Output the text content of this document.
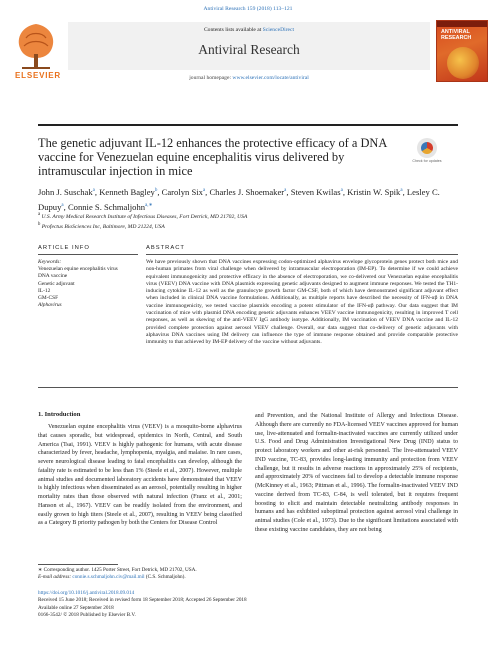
Antiviral Research 159 (2018) 113–121
ELSEVIER
Contents lists available at ScienceDirect
Antiviral Research
journal homepage: www.elsevier.com/locate/antiviral
ANTIVIRAL RESEARCH
The genetic adjuvant IL-12 enhances the protective efficacy of a DNA
vaccine for Venezuelan equine encephalitis virus delivered by intramuscular injection in mice
Check for updates
John J. Suschak$^a$, Kenneth Bagley$^b$, Carolyn Six$^a$, Charles J. Shoemaker$^a$, Steven Kwilas$^a$, Kristin W. Spik$^a$, Lesley C. Dupuy$^a$, Connie S. Schmaljohn$^{a,∗}$
$^a$ U.S. Army Medical Research Institute of Infectious Diseases, Fort Detrick, MD 21702, USA
$^b$ Profectus BioSciences Inc, Baltimore, MD 21224, USA
ARTICLE INFO	ABSTRACT
Keywords:
Venezuelan equine encephalitis virus
DNA vaccine
Genetic adjuvant
IL-12
GM-CSF
Alphavirus
We have previously shown that DNA vaccines expressing codon-optimized alphavirus envelope glycoprotein genes protect both mice and non-human primates from viral challenge when delivered by intramuscular electroporation (IM-EP). To determine if we could achieve equivalent immunogenicity and protective efficacy in the absence of electroporation, we co-delivered our Venezuelan equine encephalitis virus (VEEV) DNA vaccine with DNA plasmids expressing genetic adjuvants designed to augment immune responses. We tested the TH1-inducing cytokine IL-12 as well as the granulocyte growth factor GM-CSF, both of which have demonstrated significant adjuvant effect when included in clinical DNA vaccine formulations. Additionally, as multiple reports have described the necessity of IFN-αβ in DNA vaccine immunogenicity, we tested vaccine plasmids encoding a potent stimulator of the IFN-αβ pathway. Our data suggest that IM vaccination of mice with plasmid DNA encoding genetic adjuvants enhances VEEV vaccine immunogenicity, resulting in improved T cell responses, as well as skewing of the anti-VEEV IgG antibody isotype. Additionally, IM vaccination of VEEV DNA vaccine and IL-12 provided complete protection against aerosol VEEV challenge. Overall, our data suggest that co-delivery of genetic adjuvants with alphavirus DNA vaccines using IM delivery can influence the type of immune response obtained and provide comparable protective immunity to that achieved by IM-EP delivery of the vaccine without adjuvants.
1. Introduction
Venezuelan equine encephalitis virus (VEEV) is a mosquito-borne alphavirus that causes sporadic, but widespread, epidemics in North, Central, and South America (Tsai, 1991). VEEV is highly pathogenic for humans, with acute disease characterized by fever, headache, lymphopenia, myalgia, and malaise. In rare cases, severe neurological disease leading to fatal encephalitis can develop, although the fatality rate is estimated to be less than 1% (Steele et al., 2007). However, multiple animal studies and documented laboratory accidents have demonstrated that VEEV is highly infectious when disseminated as an aerosol, potentially resulting in higher mortality rates than those observed with natural infection (Franz et al., 2001; Hanson et al., 1967). VEEV can be readily isolated from the environment, and easily grown to high titers (Steele et al., 2007), resulting in VEEV being classified as a Category B priority pathogen by both the Centers for Disease Control
and Prevention, and the National Institute of Allergy and Infectious Disease. Although there are currently no FDA-licensed VEEV vaccines approved for human use, live-attenuated and formalin-inactivated vaccines are currently utilized under U.S. Food and Drug Administration Investigational New Drug (IND) status to protect laboratory workers and other at-risk personnel. The live-attenuated VEEV IND vaccine, TC-83, provides long-lasting immunity and protection from VEEV challenge, but it results in adverse reactions in approximately 25% of recipients, and approximately 20% of vaccinees fail to develop a detectable immune response (McKinney et al., 1963; Pittman et al., 1996). The formalin-inactivated VEEV IND vaccine derived from TC-83, C-84, is well tolerated, but it requires frequent boosting to elicit and maintain detectable neutralizing antibody responses in humans and has exhibited suboptimal protection against aerosol viral challenge in animal studies (Cole et al., 1973). Due to the significant limitations associated with these existing vaccine candidates, they are not being
∗ Corresponding author. 1425 Porter Street, Fort Detrick, MD 21702, USA.
E-mail address: connie.s.schmaljohn.civ@mail.mil (C.S. Schmaljohn).
https://doi.org/10.1016/j.antiviral.2018.09.014
Received 15 June 2018; Received in revised form 18 September 2018; Accepted 26 September 2018
Available online 27 September 2018
0166-3542/ © 2018 Published by Elsevier B.V.
